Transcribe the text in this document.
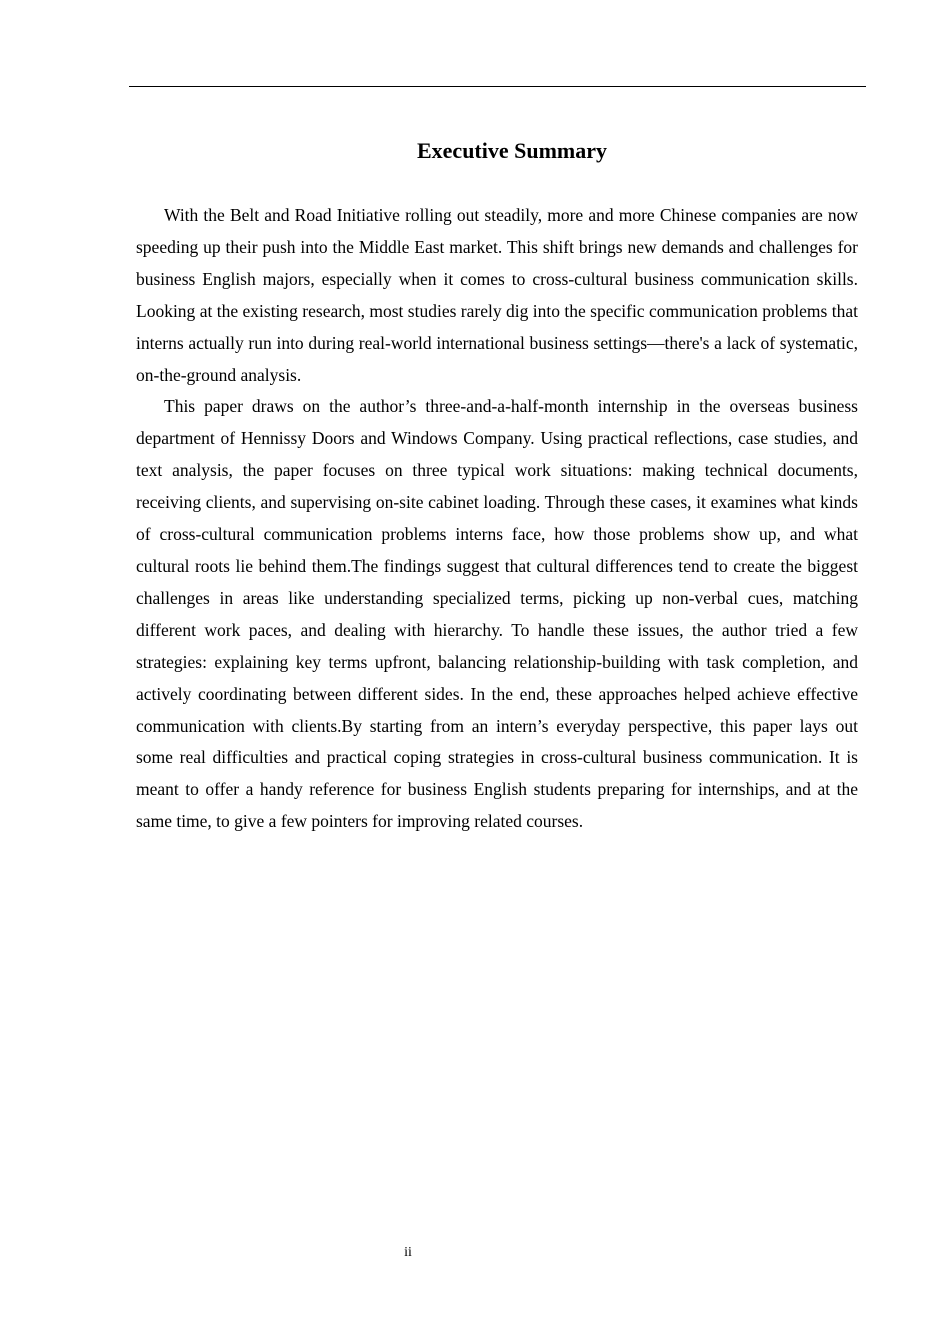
Executive Summary

With the Belt and Road Initiative rolling out steadily, more and more Chinese companies are now speeding up their push into the Middle East market. This shift brings new demands and challenges for business English majors, especially when it comes to cross-cultural business communication skills. Looking at the existing research, most studies rarely dig into the specific communication problems that interns actually run into during real-world international business settings—there's a lack of systematic, on-the-ground analysis.

This paper draws on the author’s three-and-a-half-month internship in the overseas business department of Hennissy Doors and Windows Company. Using practical reflections, case studies, and text analysis, the paper focuses on three typical work situations: making technical documents, receiving clients, and supervising on-site cabinet loading. Through these cases, it examines what kinds of cross-cultural communication problems interns face, how those problems show up, and what cultural roots lie behind them.The findings suggest that cultural differences tend to create the biggest challenges in areas like understanding specialized terms, picking up non-verbal cues, matching different work paces, and dealing with hierarchy. To handle these issues, the author tried a few strategies: explaining key terms upfront, balancing relationship-building with task completion, and actively coordinating between different sides. In the end, these approaches helped achieve effective communication with clients.By starting from an intern’s everyday perspective, this paper lays out some real difficulties and practical coping strategies in cross-cultural business communication. It is meant to offer a handy reference for business English students preparing for internships, and at the same time, to give a few pointers for improving related courses.

ii
